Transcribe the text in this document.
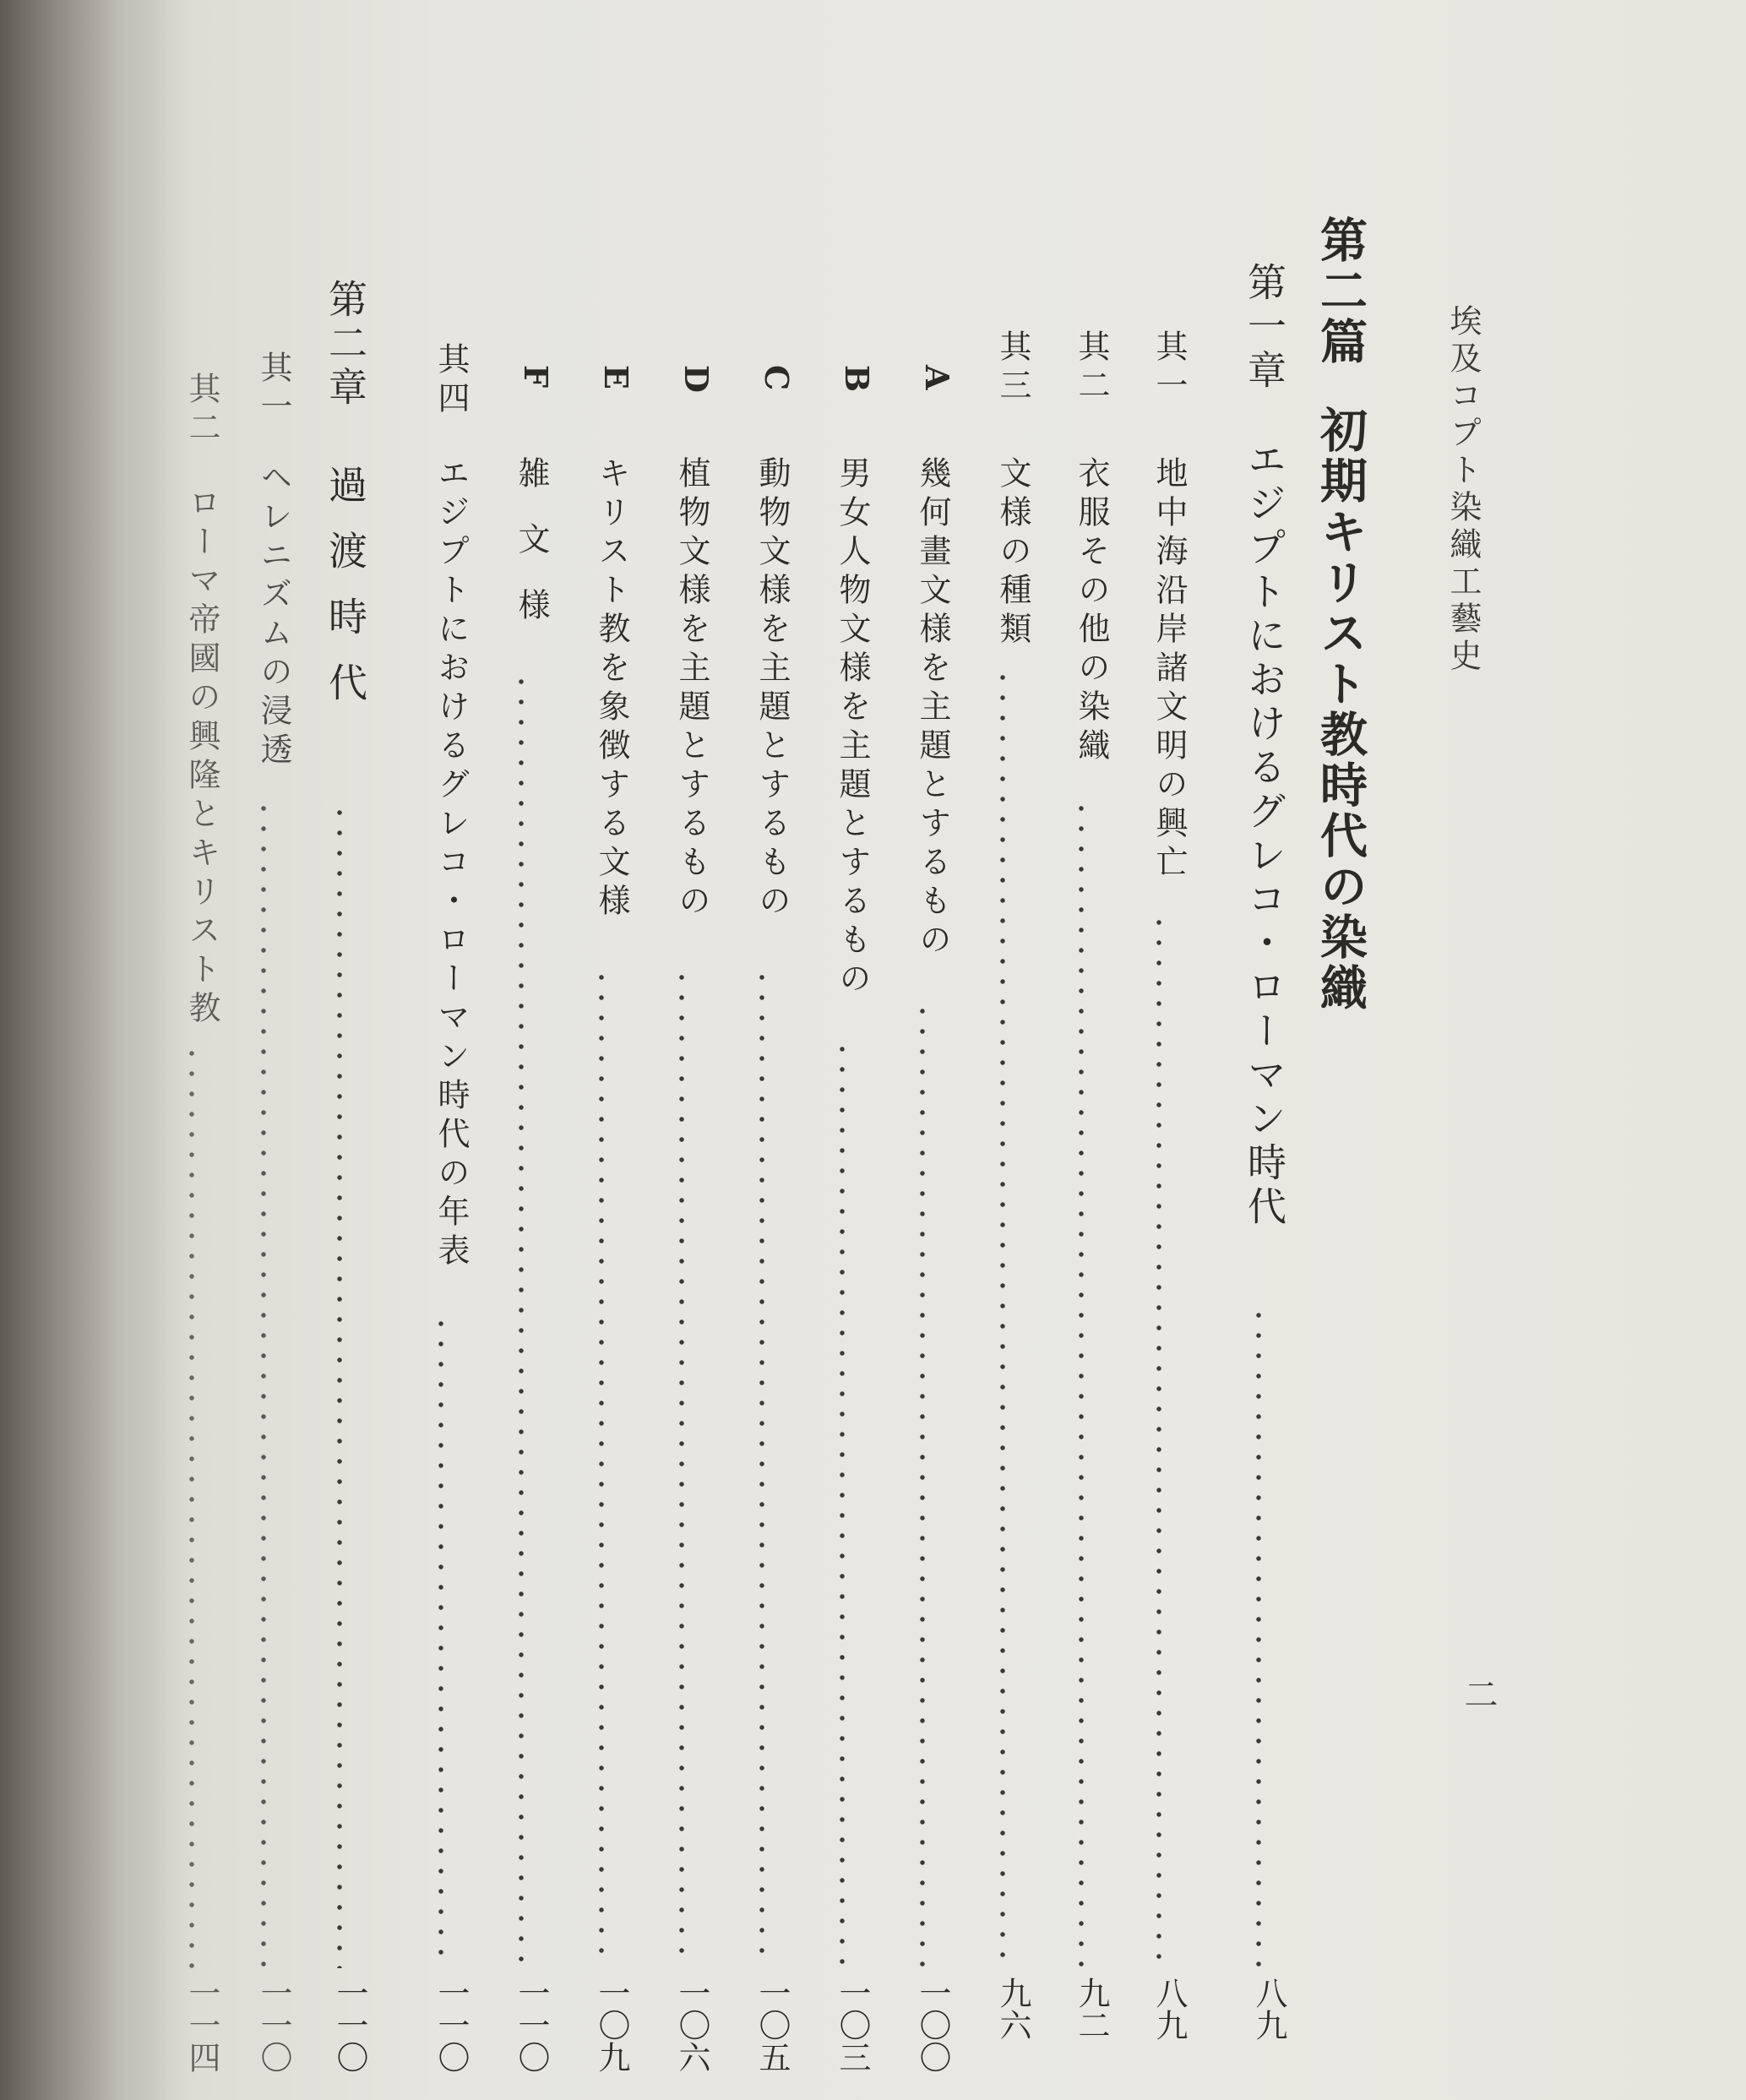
埃及コプト染織工藝史
二
第二篇
初期キリスト教時代の染織
第一章
エジプトにおけるグレコ・ローマン時代
八九
其一
地中海沿岸諸文明の興亡
八九
其二
衣服その他の染織
九二
其三
文様の種類
九六
A
幾何畫文様を主題とするもの
一〇〇
B
男女人物文様を主題とするもの
一〇三
C
動物文様を主題とするもの
一〇五
D
植物文様を主題とするもの
一〇六
E
キリスト教を象徴する文様
一〇九
F
雑文様
一一〇
其四
エジプトにおけるグレコ・ローマン時代の年表
一一〇
第二章
過渡時代
一一〇
其一
ヘレニズムの浸透
一一〇
其二
ローマ帝國の興隆とキリスト教
一一四
